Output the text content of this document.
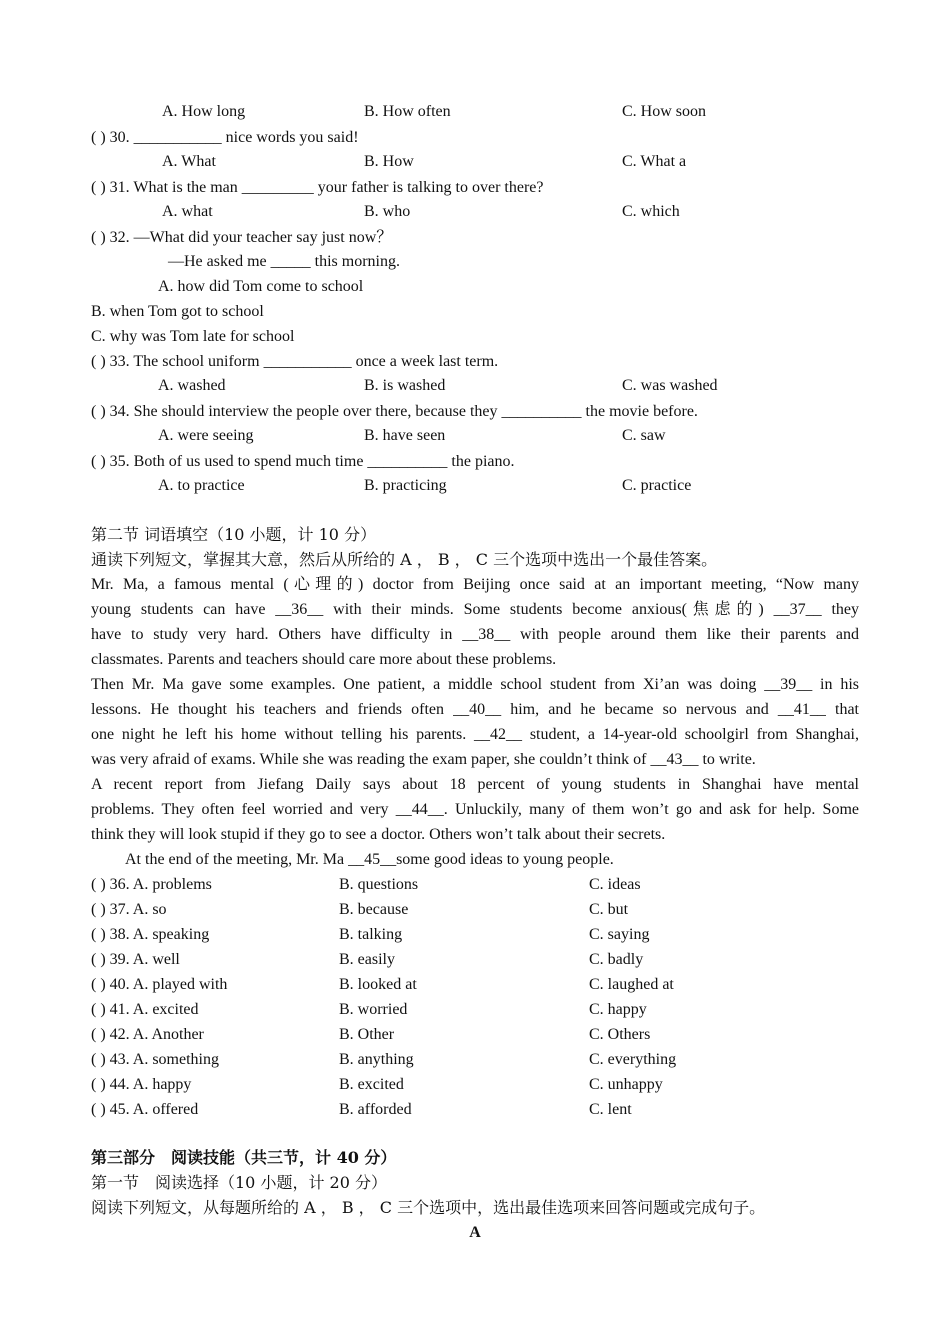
A. How long	B. How often	C. How soon
( ) 30. ___________ nice words you said!
A. What	B. How	C. What a
( ) 31. What is the man _________ your father is talking to over there?
A. what	B. who	C. which
( ) 32. —What did your teacher say just now？
—He asked me _____ this morning.
A. how did Tom come to school
B. when Tom got to school
C. why was Tom late for school
( ) 33. The school uniform ___________ once a week last term.
A. washed	B. is washed	C. was washed
( ) 34. She should interview the people over there, because they __________ the movie before.
A. were seeing	B. have seen	C. saw
( ) 35. Both of us used to spend much time __________ the piano.
A. to practice	B. practicing	C. practice
第二节 词语填空（10 小题，计 10 分）
通读下列短文，掌握其大意，然后从所给的 A ， B ， C 三个选项中选出一个最佳答案。
Mr. Ma, a famous mental (心理的) doctor from Beijing once said at an important meeting, “Now many
young students can have __36__ with their minds. Some students become anxious(焦虑的) __37__ they
have to study very hard. Others have difficulty in __38__ with people around them like their parents and
classmates. Parents and teachers should care more about these problems.
Then Mr. Ma gave some examples. One patient, a middle school student from Xi’an was doing __39__ in his
lessons. He thought his teachers and friends often __40__ him, and he became so nervous and __41__ that
one night he left his home without telling his parents. __42__ student, a 14-year-old schoolgirl from Shanghai,
was very afraid of exams. While she was reading the exam paper, she couldn’t think of __43__ to write.
A recent report from Jiefang Daily says about 18 percent of young students in Shanghai have mental
problems. They often feel worried and very __44__. Unluckily, many of them won’t go and ask for help. Some
think they will look stupid if they go to see a doctor. Others won’t talk about their secrets.
At the end of the meeting, Mr. Ma __45__some good ideas to young people.
( ) 36. A. problems	B. questions	C. ideas
( ) 37. A. so	B. because	C. but
( ) 38. A. speaking	B. talking	C. saying
( ) 39. A. well	B. easily	C. badly
( ) 40. A. played with	B. looked at	C. laughed at
( ) 41. A. excited	B. worried	C. happy
( ) 42. A. Another	B. Other	C. Others
( ) 43. A. something	B. anything	C. everything
( ) 44. A. happy	B. excited	C. unhappy
( ) 45. A. offered	B. afforded	C. lent
第三部分　阅读技能（共三节，计 40 分）
第一节　阅读选择（10 小题，计 20 分）
阅读下列短文，从每题所给的 A ， B ， C 三个选项中，选出最佳选项来回答问题或完成句子。
A
